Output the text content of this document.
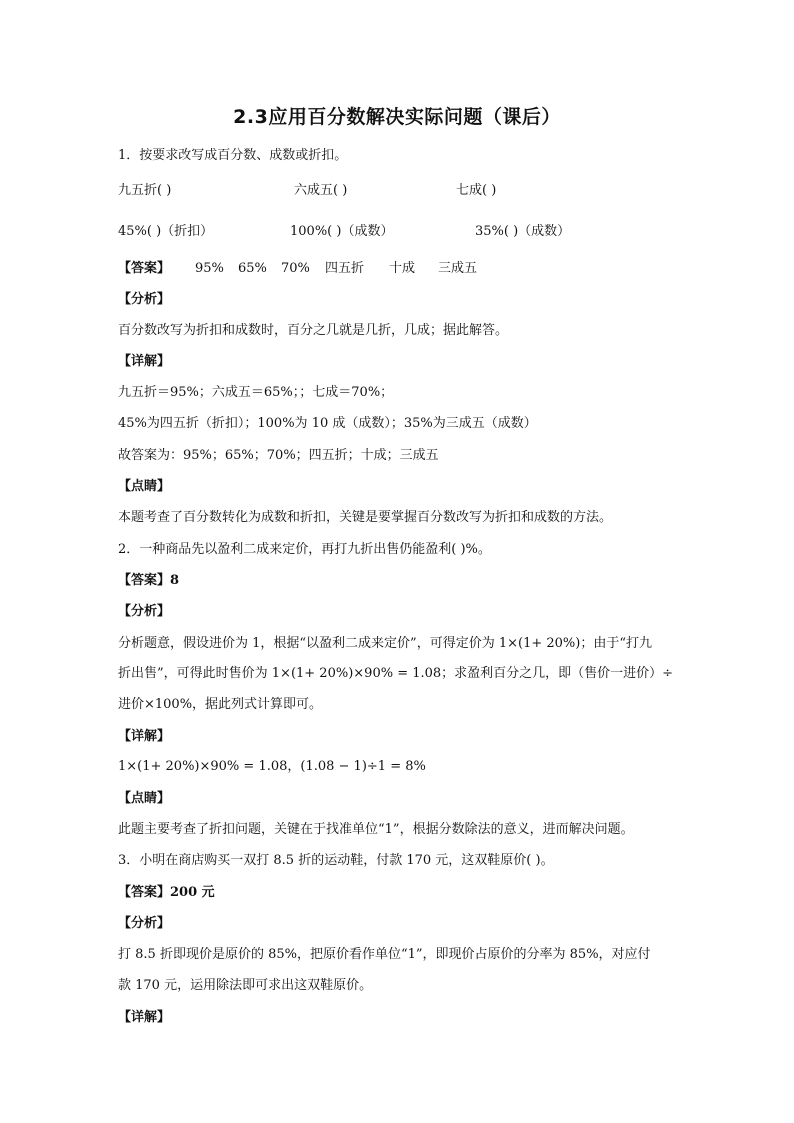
2.3应用百分数解决实际问题（课后）
1．按要求改写成百分数、成数或折扣。
九五折( )	六成五( )	七成( )
45%( )（折扣）	100%( )（成数）	35%( )（成数）
【答案】 95% 65% 70% 四五折 十成 三成五
【分析】
百分数改写为折扣和成数时，百分之几就是几折，几成；据此解答。
【详解】
九五折＝95%；六成五＝65%；；七成＝70%；
45%为四五折（折扣）；100%为 10 成（成数）；35%为三成五（成数）
故答案为：95%；65%；70%；四五折；十成；三成五
【点睛】
本题考查了百分数转化为成数和折扣，关键是要掌握百分数改写为折扣和成数的方法。
2．一种商品先以盈利二成来定价，再打九折出售仍能盈利( )%。
【答案】8
【分析】
分析题意，假设进价为 1，根据“以盈利二成来定价”，可得定价为 1×(1+ 20%)；由于“打九
折出售”，可得此时售价为 1×(1+ 20%)×90% = 1.08；求盈利百分之几，即（售价一进价）÷
进价×100%，据此列式计算即可。
【详解】
1×(1+ 20%)×90% = 1.08，(1.08 − 1)÷1 = 8%
【点睛】
此题主要考查了折扣问题，关键在于找准单位“1”，根据分数除法的意义，进而解决问题。
3．小明在商店购买一双打 8.5 折的运动鞋，付款 170 元，这双鞋原价( )。
【答案】200 元
【分析】
打 8.5 折即现价是原价的 85%，把原价看作单位“1”，即现价占原价的分率为 85%，对应付
款 170 元，运用除法即可求出这双鞋原价。
【详解】
